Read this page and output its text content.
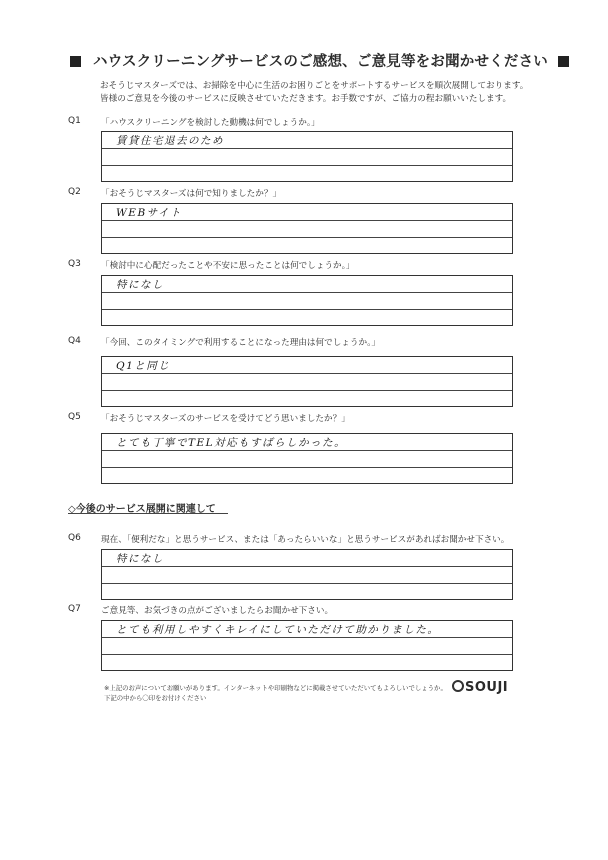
ハウスクリーニングサービスのご感想、ご意見等をお聞かせください
おそうじマスターズでは、お掃除を中心に生活のお困りごとをサポートするサービスを順次展開しております。
皆様のご意見を今後のサービスに反映させていただきます。お手数ですが、ご協力の程お願いいたします。
Q1 「ハウスクリーニングを検討した動機は何でしょうか。」
賃貸住宅退去のため
Q2 「おそうじマスターズは何で知りましたか？」
WEBサイト
Q3 「検討中に心配だったことや不安に思ったことは何でしょうか。」
特になし
Q4 「今回、このタイミングで利用することになった理由は何でしょうか。」
Q1と同じ
Q5 「おそうじマスターズのサービスを受けてどう思いましたか？」
とても丁寧でTEL対応もすばらしかった。
◇今後のサービス展開に関連して
Q6 現在、「便利だな」と思うサービス、または「あったらいいな」と思うサービスがあればお聞かせ下さい。
特になし
Q7 ご意見等、お気づきの点がございましたらお聞かせ下さい。
とても利用しやすくキレイにしていただけて助かりました。
※上記のお声についてお願いがあります。インターネットや印刷物などに掲載させていただいてもよろしいでしょうか。
下記の中から〇印をお付けください
SOUJI
